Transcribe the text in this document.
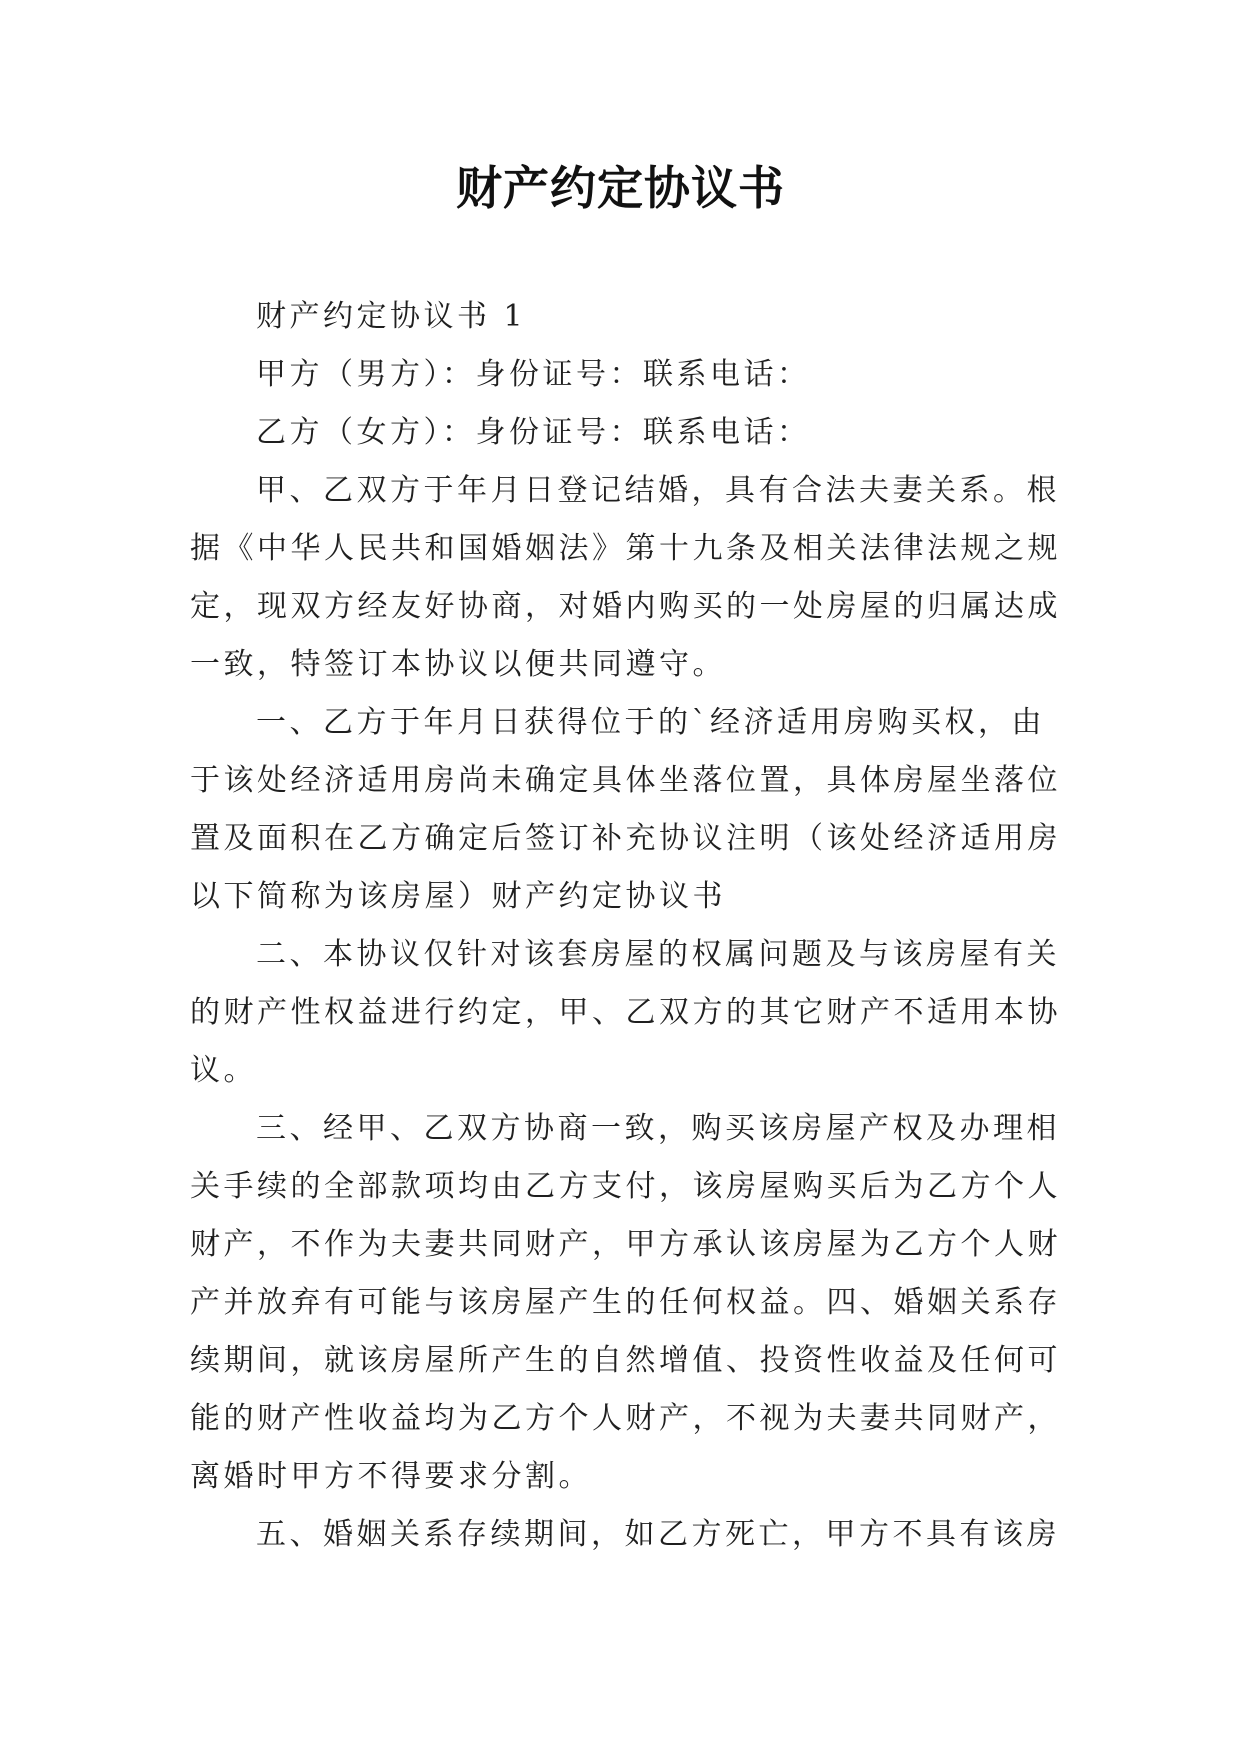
财产约定协议书
财产约定协议书 1
甲方（男方）：身份证号：联系电话：
乙方（女方）：身份证号：联系电话：
甲、乙双方于年月日登记结婚，具有合法夫妻关系。根
据《中华人民共和国婚姻法》第十九条及相关法律法规之规
定，现双方经友好协商，对婚内购买的一处房屋的归属达成
一致，特签订本协议以便共同遵守。
一、乙方于年月日获得位于的`经济适用房购买权，由
于该处经济适用房尚未确定具体坐落位置，具体房屋坐落位
置及面积在乙方确定后签订补充协议注明（该处经济适用房
以下简称为该房屋）财产约定协议书
二、本协议仅针对该套房屋的权属问题及与该房屋有关
的财产性权益进行约定，甲、乙双方的其它财产不适用本协
议。
三、经甲、乙双方协商一致，购买该房屋产权及办理相
关手续的全部款项均由乙方支付，该房屋购买后为乙方个人
财产，不作为夫妻共同财产，甲方承认该房屋为乙方个人财
产并放弃有可能与该房屋产生的任何权益。四、婚姻关系存
续期间，就该房屋所产生的自然增值、投资性收益及任何可
能的财产性收益均为乙方个人财产，不视为夫妻共同财产，
离婚时甲方不得要求分割。
五、婚姻关系存续期间，如乙方死亡，甲方不具有该房
